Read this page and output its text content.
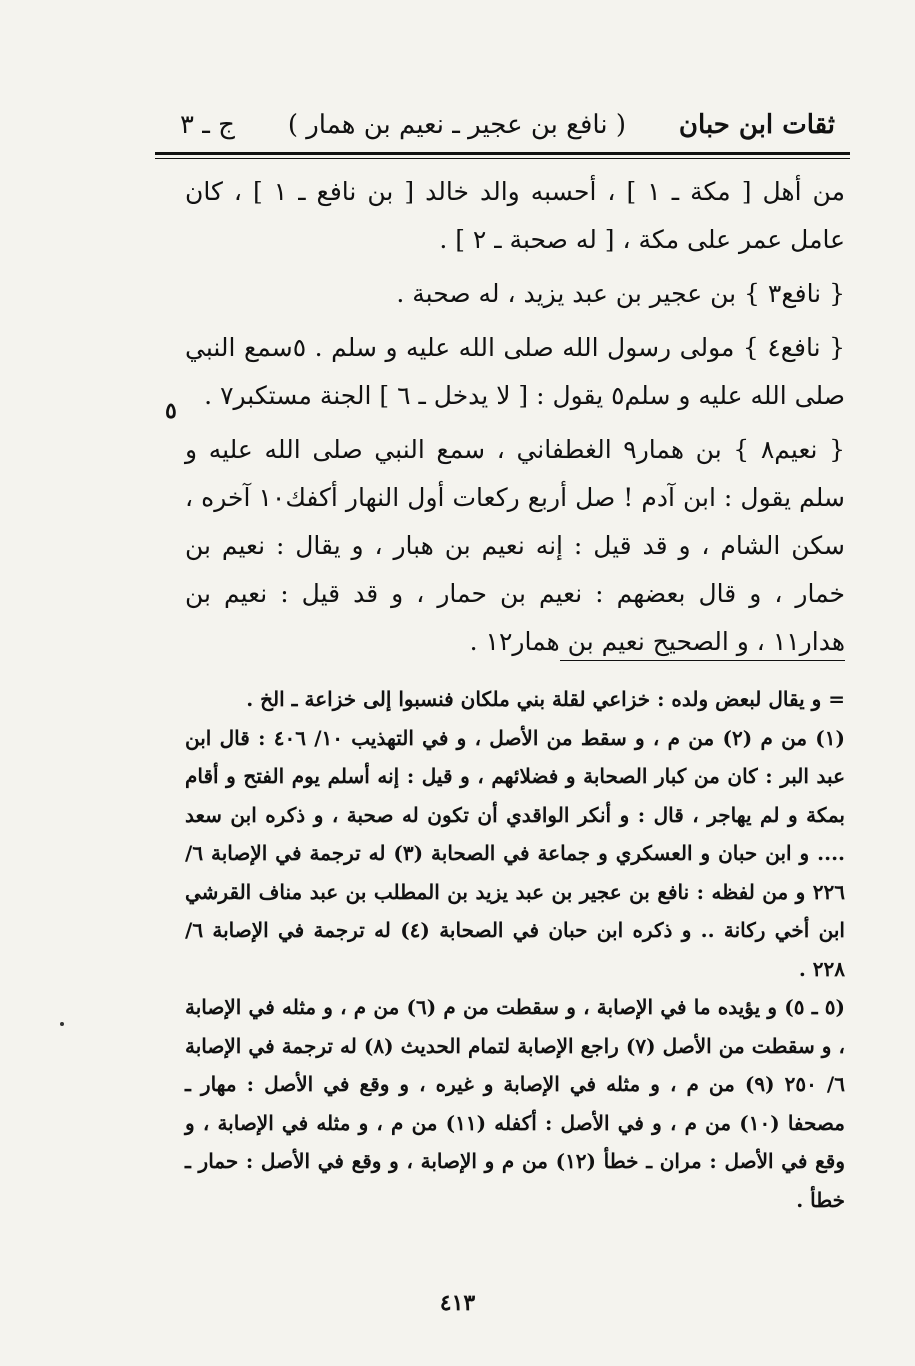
ثقات ابن حبان
( نافع بن عجير ـ نعيم بن همار )
ج ـ ٣

من أهل [ مكة ـ ١ ] ، أحسبه والد خالد [ بن نافع ـ ١ ] ، كان عامل عمر على مكة ، [ له صحبة ـ ٢ ] .

{ نافع٣ } بن عجير بن عبد يزيد ، له صحبة .

{ نافع٤ } مولى رسول الله صلى الله عليه و سلم . ٥سمع النبي صلى الله عليه و سلم٥ يقول : [ لا يدخل ـ ٦ ] الجنة مستكبر٧ .

{ نعيم٨ } بن همار٩ الغطفاني ، سمع النبي صلى الله عليه و سلم يقول : ابن آدم ! صل أربع ركعات أول النهار أكفك١٠ آخره ، سكن الشام ، و قد قيل : إنه نعيم بن هبار ، و يقال : نعيم بن خمار ، و قال بعضهم : نعيم بن حمار ، و قد قيل : نعيم بن هدار١١ ، و الصحيح نعيم بن همار١٢ .

٥

= و يقال لبعض ولده : خزاعي لقلة بني ملكان فنسبوا إلى خزاعة ـ الخ .

(١) من م (٢) من م ، و سقط من الأصل ، و في التهذيب ١٠/ ٤٠٦ : قال ابن عبد البر : كان من كبار الصحابة و فضلائهم ، و قيل : إنه أسلم يوم الفتح و أقام بمكة و لم يهاجر ، قال : و أنكر الواقدي أن تكون له صحبة ، و ذكره ابن سعد .... و ابن حبان و العسكري و جماعة في الصحابة (٣) له ترجمة في الإصابة ٦/ ٢٢٦ و من لفظه : نافع بن عجير بن عبد يزيد بن المطلب بن عبد مناف القرشي ابن أخي ركانة .. و ذكره ابن حبان في الصحابة (٤) له ترجمة في الإصابة ٦/ ٢٢٨ .

(٥ ـ ٥) و يؤيده ما في الإصابة ، و سقطت من م (٦) من م ، و مثله في الإصابة ، و سقطت من الأصل (٧) راجع الإصابة لتمام الحديث (٨) له ترجمة في الإصابة ٦/ ٢٥٠ (٩) من م ، و مثله في الإصابة و غيره ، و وقع في الأصل : مهار ـ مصحفا (١٠) من م ، و في الأصل : أكفله (١١) من م ، و مثله في الإصابة ، و وقع في الأصل : مران ـ خطأ (١٢) من م و الإصابة ، و وقع في الأصل : حمار ـ خطأ .

٤١٣
